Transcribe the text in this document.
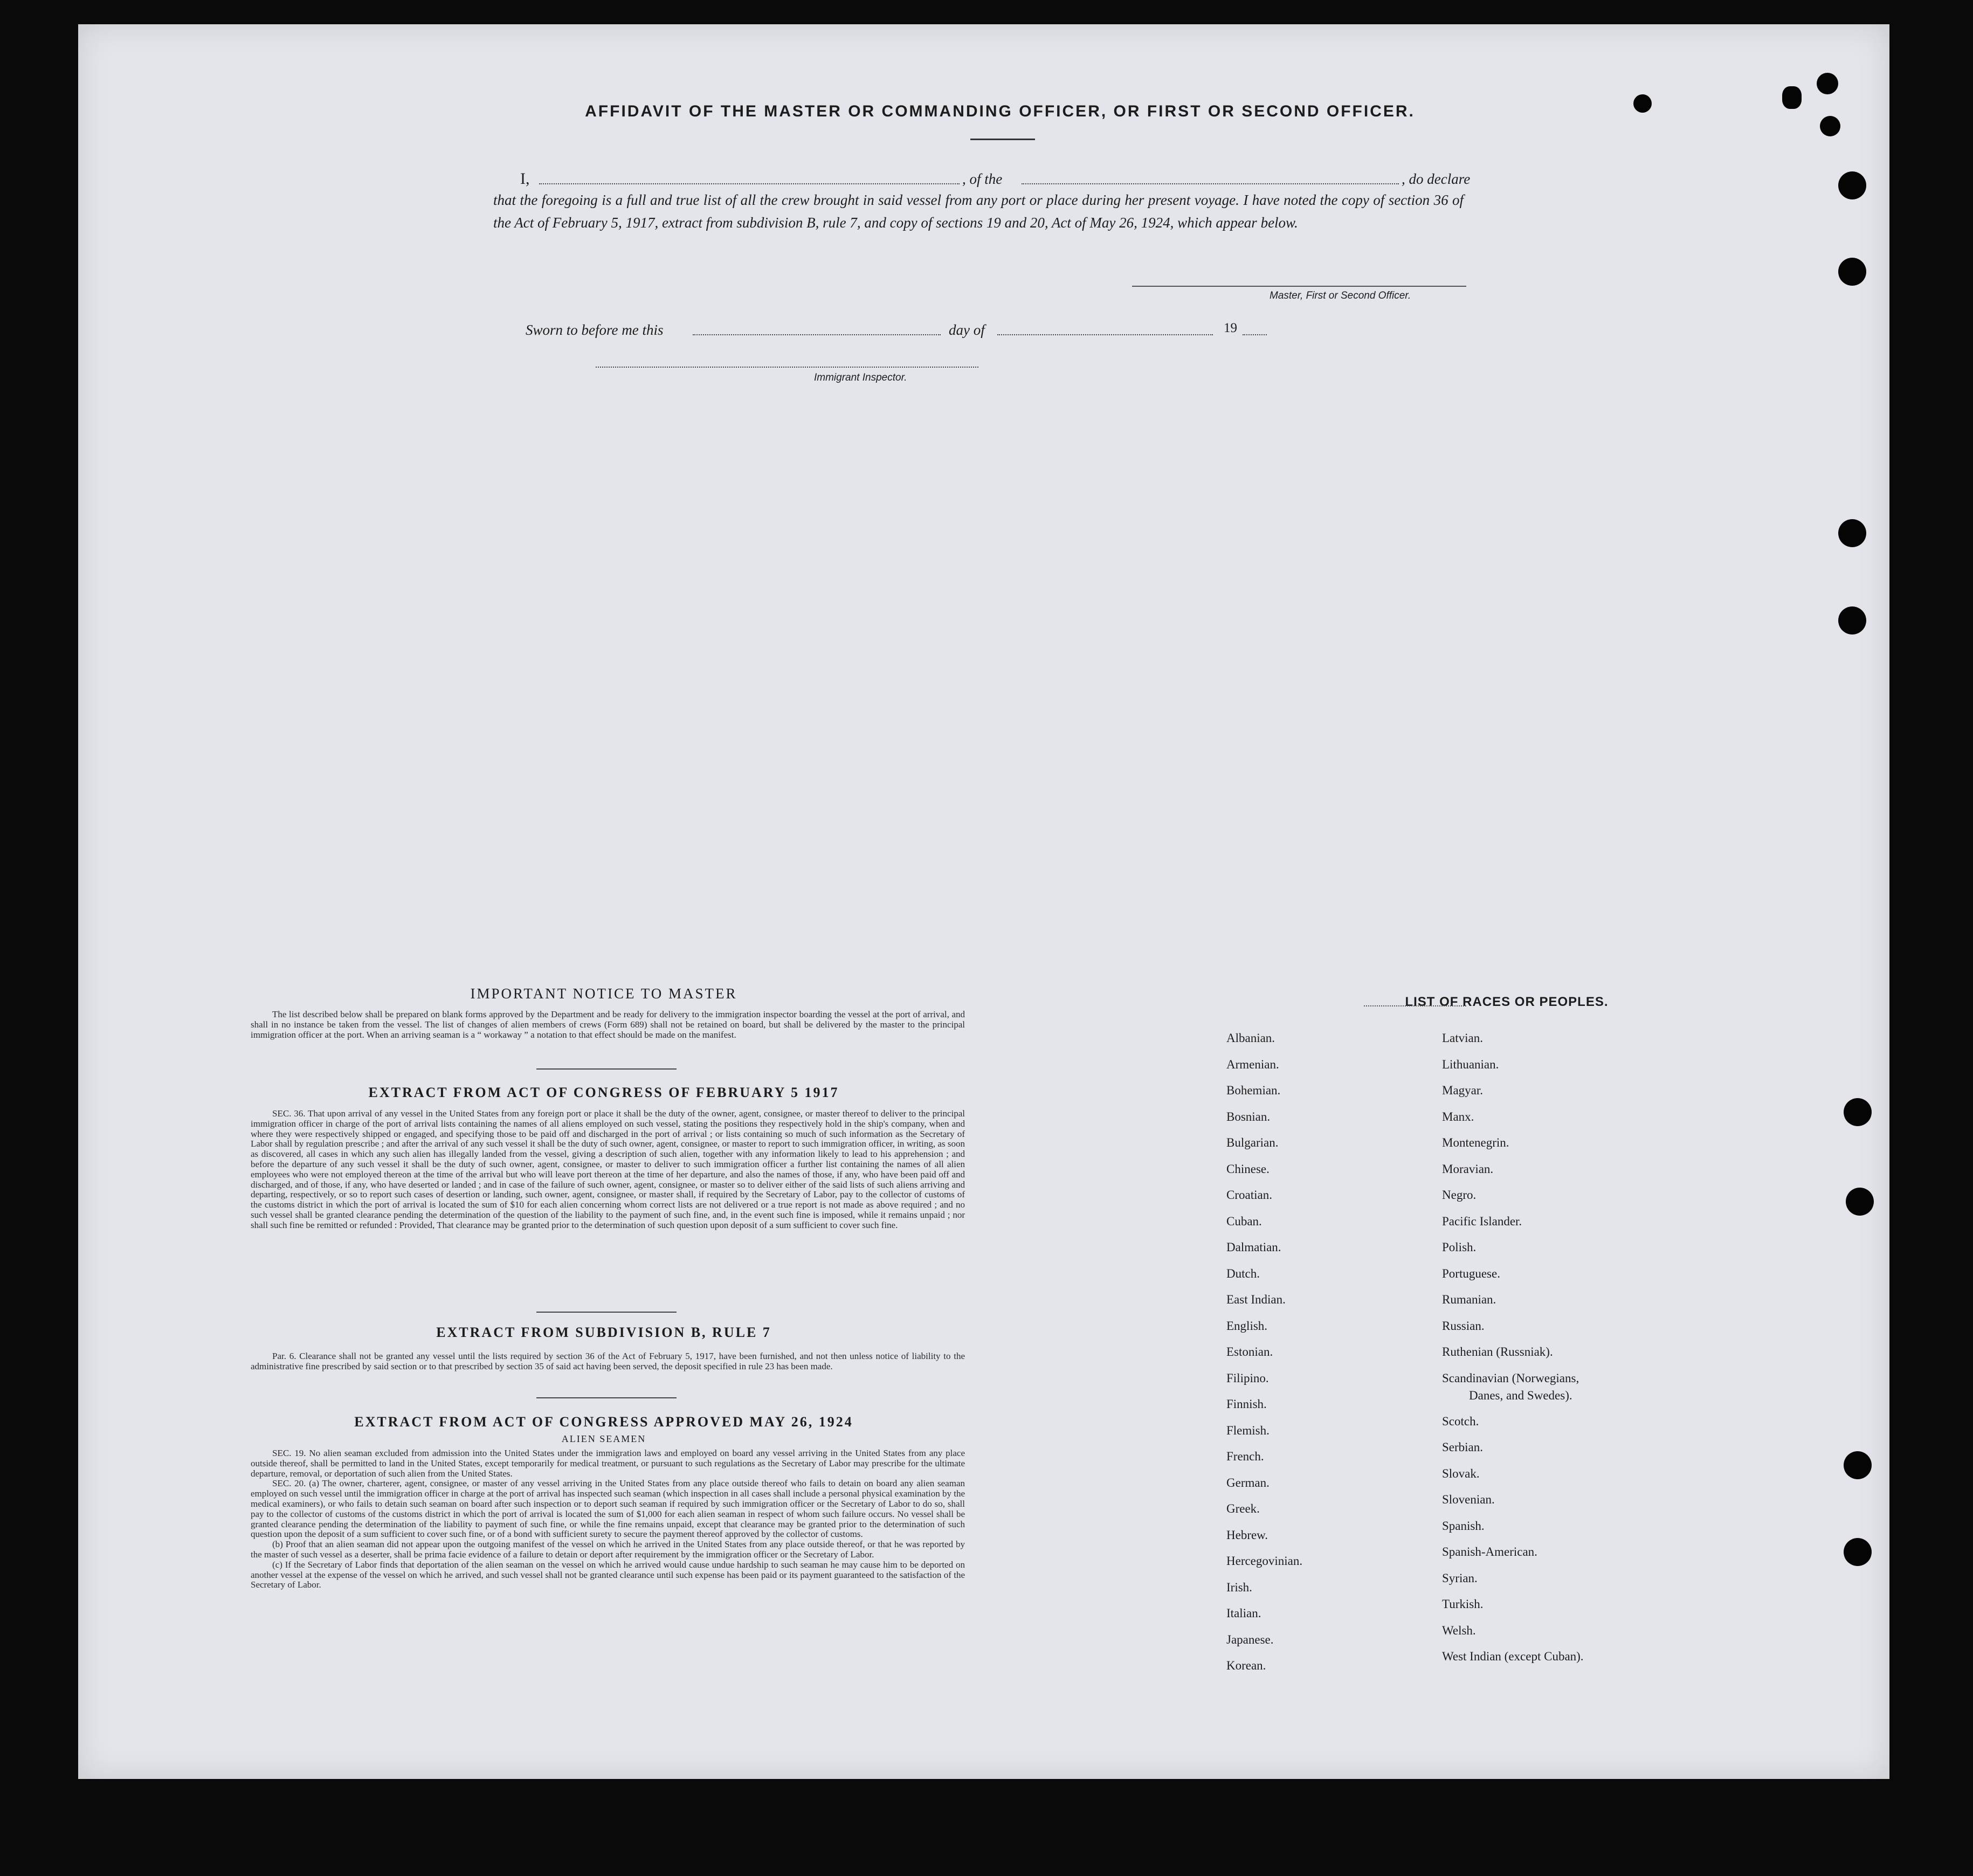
AFFIDAVIT OF THE MASTER OR COMMANDING OFFICER, OR FIRST OR SECOND OFFICER.
I,	, of the	, do declare
that the foregoing is a full and true list of all the crew brought in said vessel from any port or place during her present voyage. I have noted the copy of section 36 of the Act of February 5, 1917, extract from subdivision B, rule 7, and copy of sections 19 and 20, Act of May 26, 1924, which appear below.
Master, First or Second Officer.
Sworn to before me this	day of	19
Immigrant Inspector.
IMPORTANT NOTICE TO MASTER

The list described below shall be prepared on blank forms approved by the Department and be ready for delivery to the immigration inspector boarding the vessel at the port of arrival, and shall in no instance be taken from the vessel. The list of changes of alien members of crews (Form 689) shall not be retained on board, but shall be delivered by the master to the principal immigration officer at the port. When an arriving seaman is a “ workaway ” a notation to that effect should be made on the manifest.

EXTRACT FROM ACT OF CONGRESS OF FEBRUARY 5 1917

SEC. 36. That upon arrival of any vessel in the United States from any foreign port or place it shall be the duty of the owner, agent, consignee, or master thereof to deliver to the principal immigration officer in charge of the port of arrival lists containing the names of all aliens employed on such vessel, stating the positions they respectively hold in the ship's company, when and where they were respectively shipped or engaged, and specifying those to be paid off and discharged in the port of arrival ; or lists containing so much of such information as the Secretary of Labor shall by regulation prescribe ; and after the arrival of any such vessel it shall be the duty of such owner, agent, consignee, or master to report to such immigration officer, in writing, as soon as discovered, all cases in which any such alien has illegally landed from the vessel, giving a description of such alien, together with any information likely to lead to his apprehension ; and before the departure of any such vessel it shall be the duty of such owner, agent, consignee, or master to deliver to such immigration officer a further list containing the names of all alien employees who were not employed thereon at the time of the arrival but who will leave port thereon at the time of her departure, and also the names of those, if any, who have been paid off and discharged, and of those, if any, who have deserted or landed ; and in case of the failure of such owner, agent, consignee, or master so to deliver either of the said lists of such aliens arriving and departing, respectively, or so to report such cases of desertion or landing, such owner, agent, consignee, or master shall, if required by the Secretary of Labor, pay to the collector of customs of the customs district in which the port of arrival is located the sum of $10 for each alien concerning whom correct lists are not delivered or a true report is not made as above required ; and no such vessel shall be granted clearance pending the determination of the question of the liability to the payment of such fine, and, in the event such fine is imposed, while it remains unpaid ; nor shall such fine be remitted or refunded : Provided, That clearance may be granted prior to the determination of such question upon deposit of a sum sufficient to cover such fine.

EXTRACT FROM SUBDIVISION B, RULE 7

Par. 6. Clearance shall not be granted any vessel until the lists required by section 36 of the Act of February 5, 1917, have been furnished, and not then unless notice of liability to the administrative fine prescribed by said section or to that prescribed by section 35 of said act having been served, the deposit specified in rule 23 has been made.

EXTRACT FROM ACT OF CONGRESS APPROVED MAY 26, 1924
ALIEN SEAMEN

SEC. 19. No alien seaman excluded from admission into the United States under the immigration laws and employed on board any vessel arriving in the United States from any place outside thereof, shall be permitted to land in the United States, except temporarily for medical treatment, or pursuant to such regulations as the Secretary of Labor may prescribe for the ultimate departure, removal, or deportation of such alien from the United States.

SEC. 20. (a) The owner, charterer, agent, consignee, or master of any vessel arriving in the United States from any place outside thereof who fails to detain on board any alien seaman employed on such vessel until the immigration officer in charge at the port of arrival has inspected such seaman (which inspection in all cases shall include a personal physical examination by the medical examiners), or who fails to detain such seaman on board after such inspection or to deport such seaman if required by such immigration officer or the Secretary of Labor to do so, shall pay to the collector of customs of the customs district in which the port of arrival is located the sum of $1,000 for each alien seaman in respect of whom such failure occurs. No vessel shall be granted clearance pending the determination of the liability to payment of such fine, or while the fine remains unpaid, except that clearance may be granted prior to the determination of such question upon the deposit of a sum sufficient to cover such fine, or of a bond with sufficient surety to secure the payment thereof approved by the collector of customs.

(b) Proof that an alien seaman did not appear upon the outgoing manifest of the vessel on which he arrived in the United States from any place outside thereof, or that he was reported by the master of such vessel as a deserter, shall be prima facie evidence of a failure to detain or deport after requirement by the immigration officer or the Secretary of Labor.

(c) If the Secretary of Labor finds that deportation of the alien seaman on the vessel on which he arrived would cause undue hardship to such seaman he may cause him to be deported on another vessel at the expense of the vessel on which he arrived, and such vessel shall not be granted clearance until such expense has been paid or its payment guaranteed to the satisfaction of the Secretary of Labor.

LIST OF RACES OR PEOPLES.
Albanian.
Armenian.
Bohemian.
Bosnian.
Bulgarian.
Chinese.
Croatian.
Cuban.
Dalmatian.
Dutch.
East Indian.
English.
Estonian.
Filipino.
Finnish.
Flemish.
French.
German.
Greek.
Hebrew.
Hercegovinian.
Irish.
Italian.
Japanese.
Korean.
Latvian.
Lithuanian.
Magyar.
Manx.
Montenegrin.
Moravian.
Negro.
Pacific Islander.
Polish.
Portuguese.
Rumanian.
Russian.
Ruthenian (Russniak).
Scandinavian (Norwegians,
Danes, and Swedes).
Scotch.
Serbian.
Slovak.
Slovenian.
Spanish.
Spanish-American.
Syrian.
Turkish.
Welsh.
West Indian (except Cuban).
